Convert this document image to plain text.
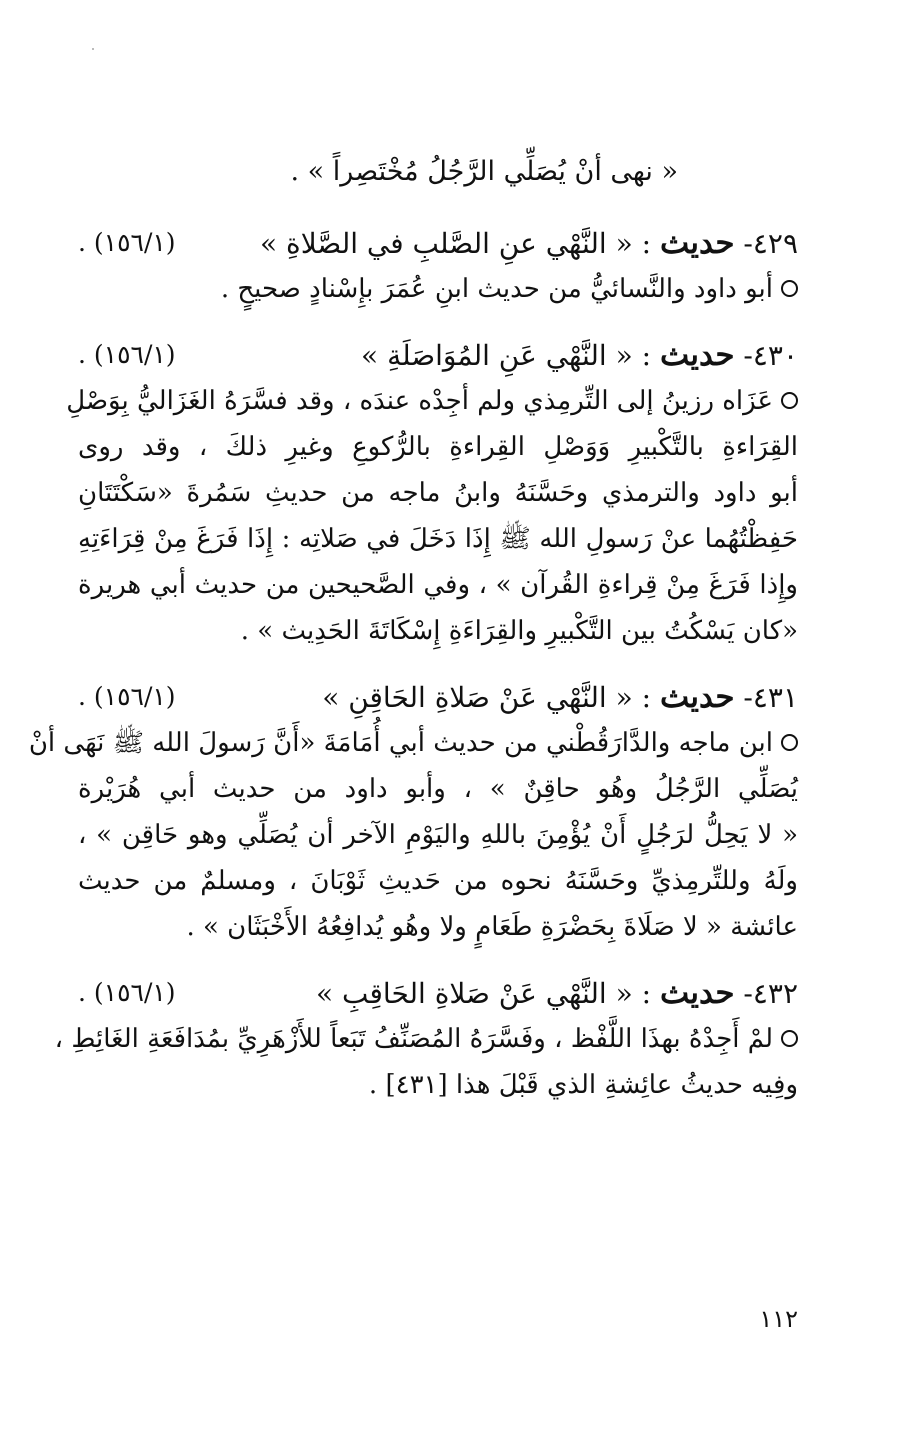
« نهى أنْ يُصَلِّي الرَّجُلُ مُخْتَصِراً » .
٤٢٩- حديث : « النَّهْي عنِ الصَّلبِ في الصَّلاةِ »
(١٥٦/١) .
أبو داود والنَّسائيُّ من حديث ابنِ عُمَرَ بإِسْنادٍ صحيحٍ .
٤٣٠- حديث : « النَّهْي عَنِ المُوَاصَلَةِ »
(١٥٦/١) .
عَزَاه رزينُ إلى التِّرمِذي ولم أجِدْه عندَه ، وقد فسَّرَهُ الغَزَاليُّ بِوَصْلِ
القِرَاءةِ بالتَّكْبيرِ وَوَصْلِ القِراءةِ بالرُّكوعِ وغيرِ ذلكَ ، وقد روى
أبو داود والترمذي وحَسَّنَهُ وابنُ ماجه من حديثِ سَمُرةَ «سَكْتَتَانِ
حَفِظْتُهُما عنْ رَسولِ الله ﷺ إِذَا دَخَلَ في صَلاتِه : إِذَا فَرَغَ مِنْ قِرَاءَتِهِ
وإِذا فَرَغَ مِنْ قِراءةِ القُرآن » ، وفي الصَّحيحين من حديث أبي هريرة
«كان يَسْكُتُ بين التَّكْبيرِ والقِرَاءَةِ إِسْكَاتَةَ الحَدِيث » .
٤٣١- حديث : « النَّهْي عَنْ صَلاةِ الحَاقِنِ »
(١٥٦/١) .
ابن ماجه والدَّارَقُطْني من حديث أبي أُمَامَةَ «أَنَّ رَسولَ الله ﷺ نَهَى أنْ
يُصَلِّي الرَّجُلُ وهُو حاقِنٌ » ، وأبو داود من حديث أبي هُرَيْرة
« لا يَحِلُّ لرَجُلٍ أَنْ يُؤْمِنَ باللهِ واليَوْمِ الآخر أن يُصَلِّي وهو حَاقِن » ،
ولَهُ وللتِّرمِذيِّ وحَسَّنَهُ نحوه من حَديثِ ثَوْبَانَ ، ومسلمٌ من حديث
عائشة « لا صَلَاةَ بِحَضْرَةِ طَعَامٍ ولا وهُو يُدافِعُهُ الأَخْبَثَان » .
٤٣٢- حديث : « النَّهْي عَنْ صَلاةِ الحَاقِبِ »
(١٥٦/١) .
لمْ أَجِدْهُ بهذَا اللَّفْظ ، وفَسَّرَهُ المُصَنِّفُ تَبَعاً للأَزْهَرِيِّ بمُدَافَعَةِ الغَائِطِ ،
وفِيه حديثُ عائِشةِ الذي قَبْلَ هذا [٤٣١] .
١١٢
